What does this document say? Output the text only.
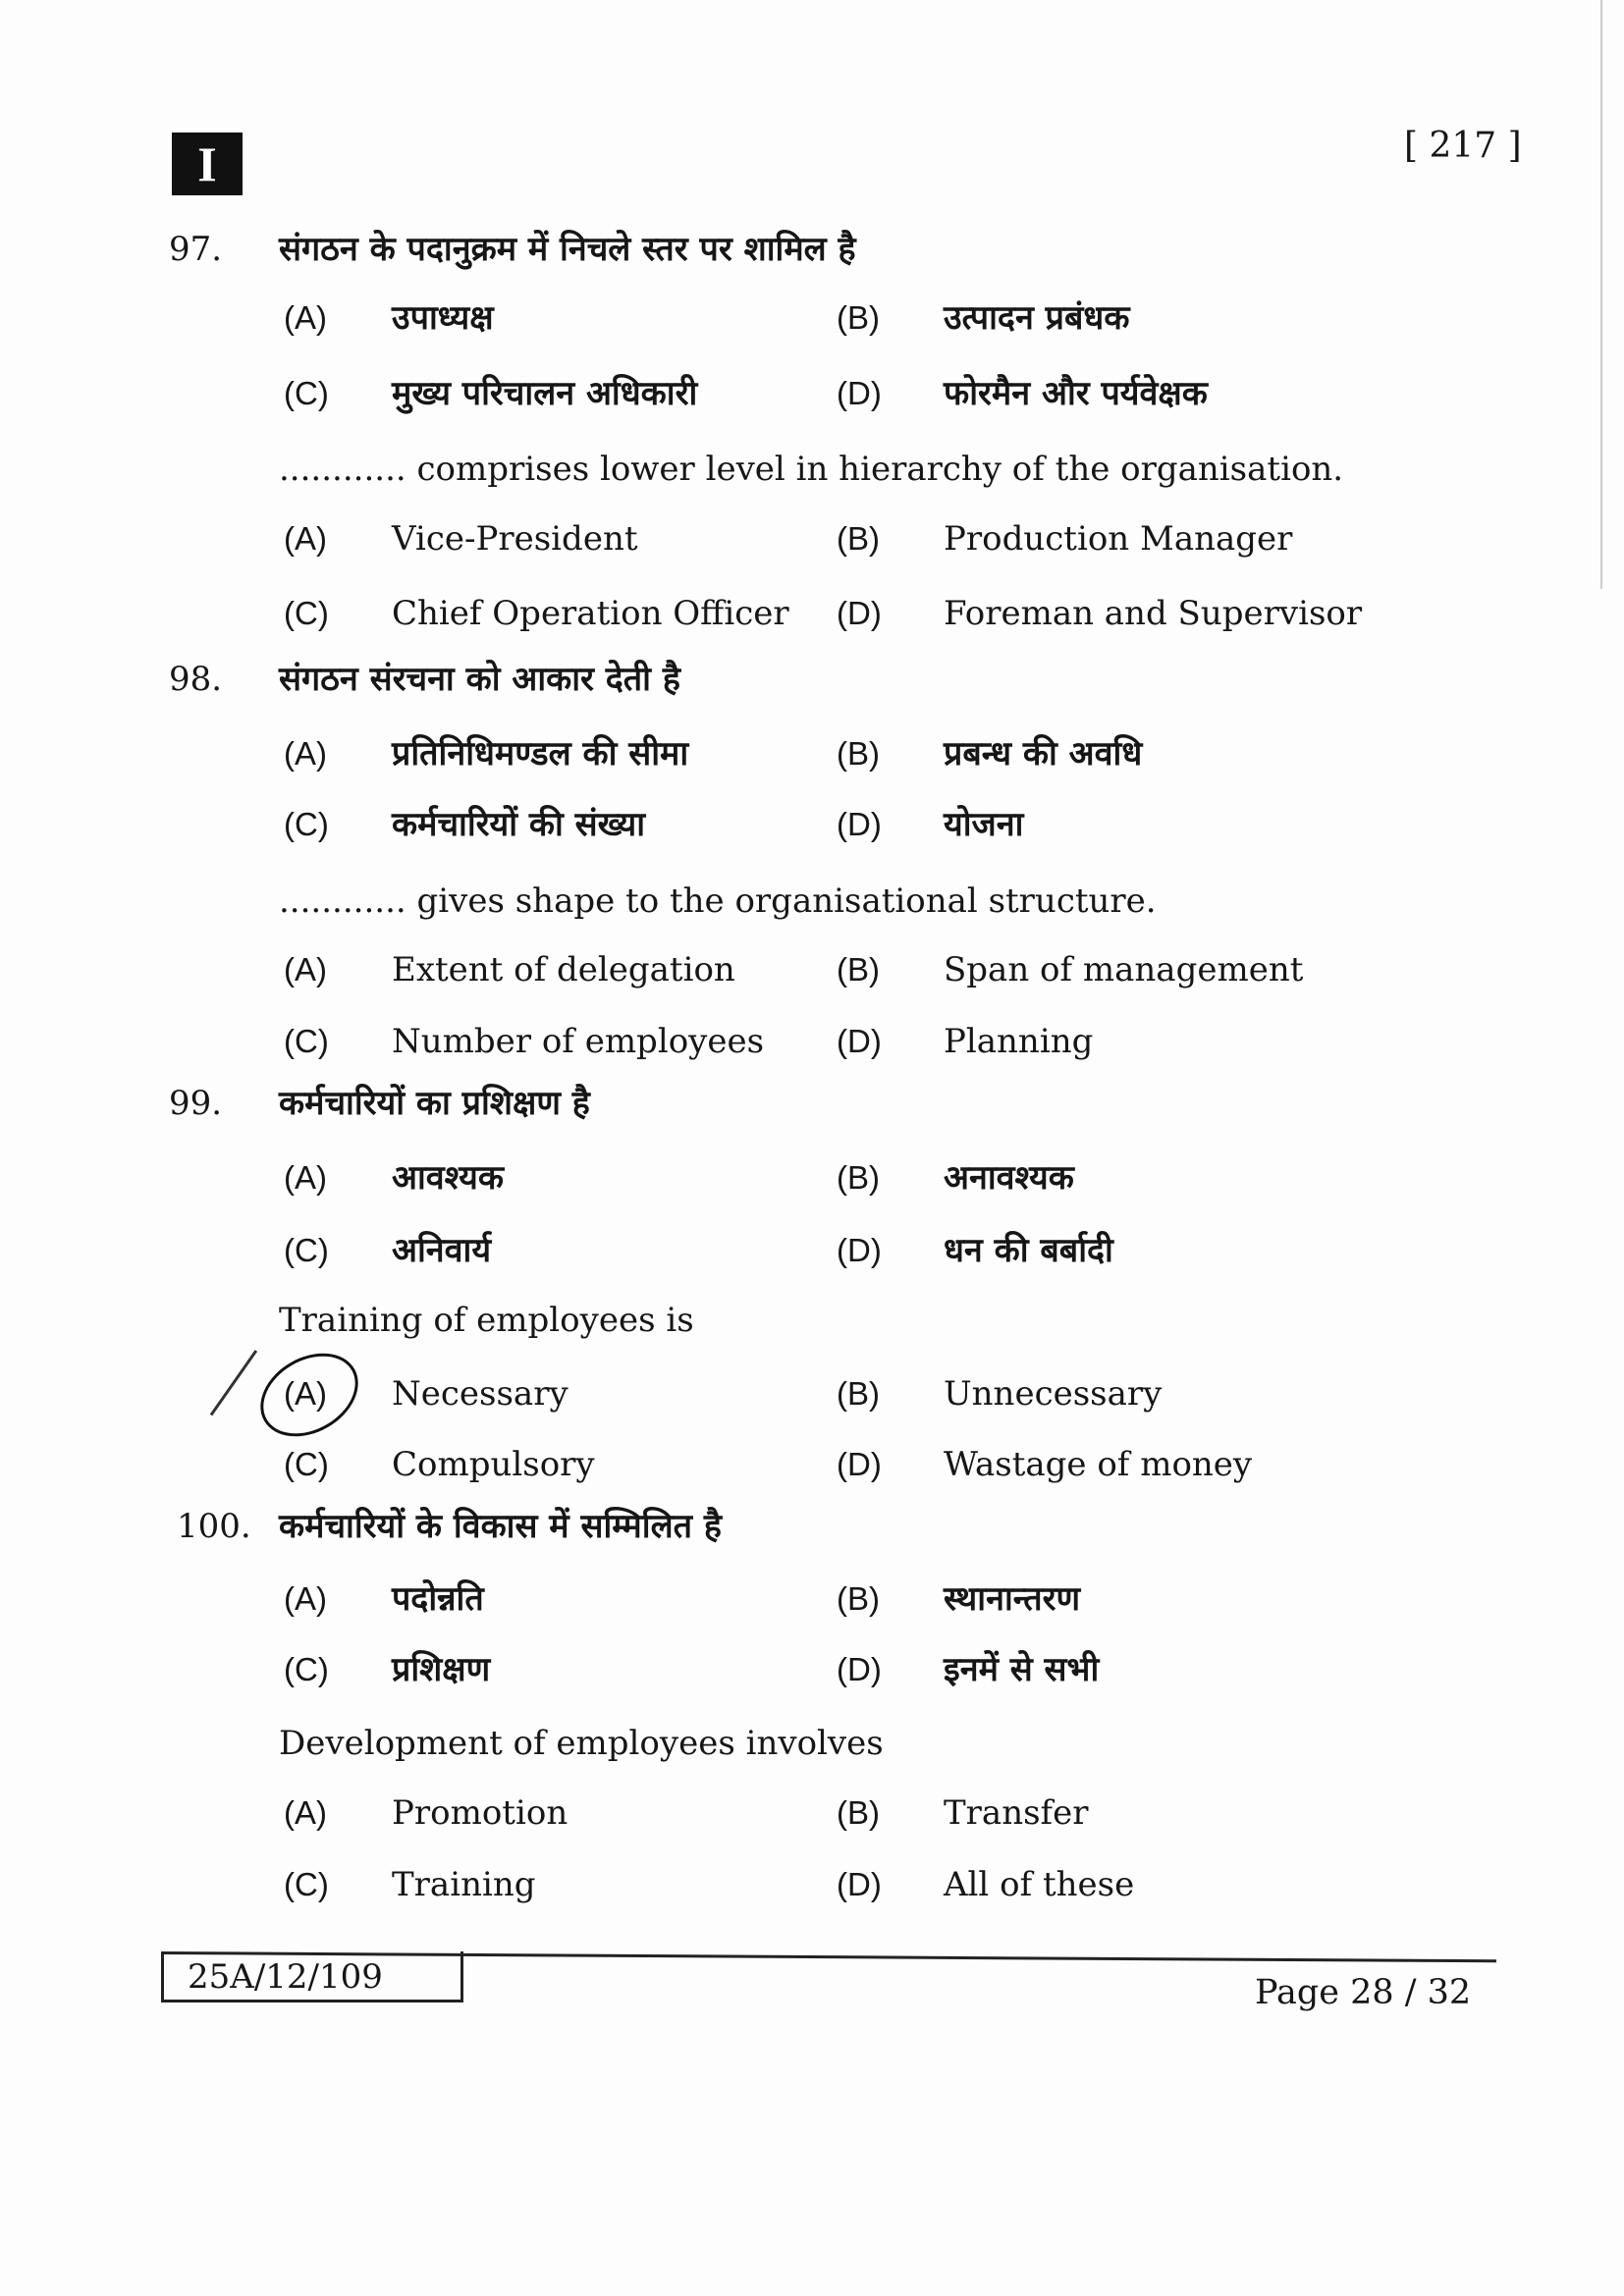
I	[ 217 ]
97. संगठन के पदानुक्रम में निचले स्तर पर शामिल है
(A) उपाध्यक्ष	(B) उत्पादन प्रबंधक
(C) मुख्य परिचालन अधिकारी	(D) फोरमैन और पर्यवेक्षक
............ comprises lower level in hierarchy of the organisation.
(A) Vice-President	(B) Production Manager
(C) Chief Operation Officer (D) Foreman and Supervisor
98. संगठन संरचना को आकार देती है
(A) प्रतिनिधिमण्डल की सीमा	(B) प्रबन्ध की अवधि
(C) कर्मचारियों की संख्या	(D) योजना
............ gives shape to the organisational structure.
(A) Extent of delegation	(B) Span of management
(C) Number of employees (D) Planning
99. कर्मचारियों का प्रशिक्षण है
(A) आवश्यक	(B) अनावश्यक
(C) अनिवार्य	(D) धन की बर्बादी
Training of employees is
(A) Necessary	(B) Unnecessary
(C) Compulsory	(D) Wastage of money
100. कर्मचारियों के विकास में सम्मिलित है
(A) पदोन्नति	(B) स्थानान्तरण
(C) प्रशिक्षण	(D) इनमें से सभी
Development of employees involves
(A) Promotion	(B) Transfer
(C) Training	(D) All of these
25A/12/109	Page 28 / 32
